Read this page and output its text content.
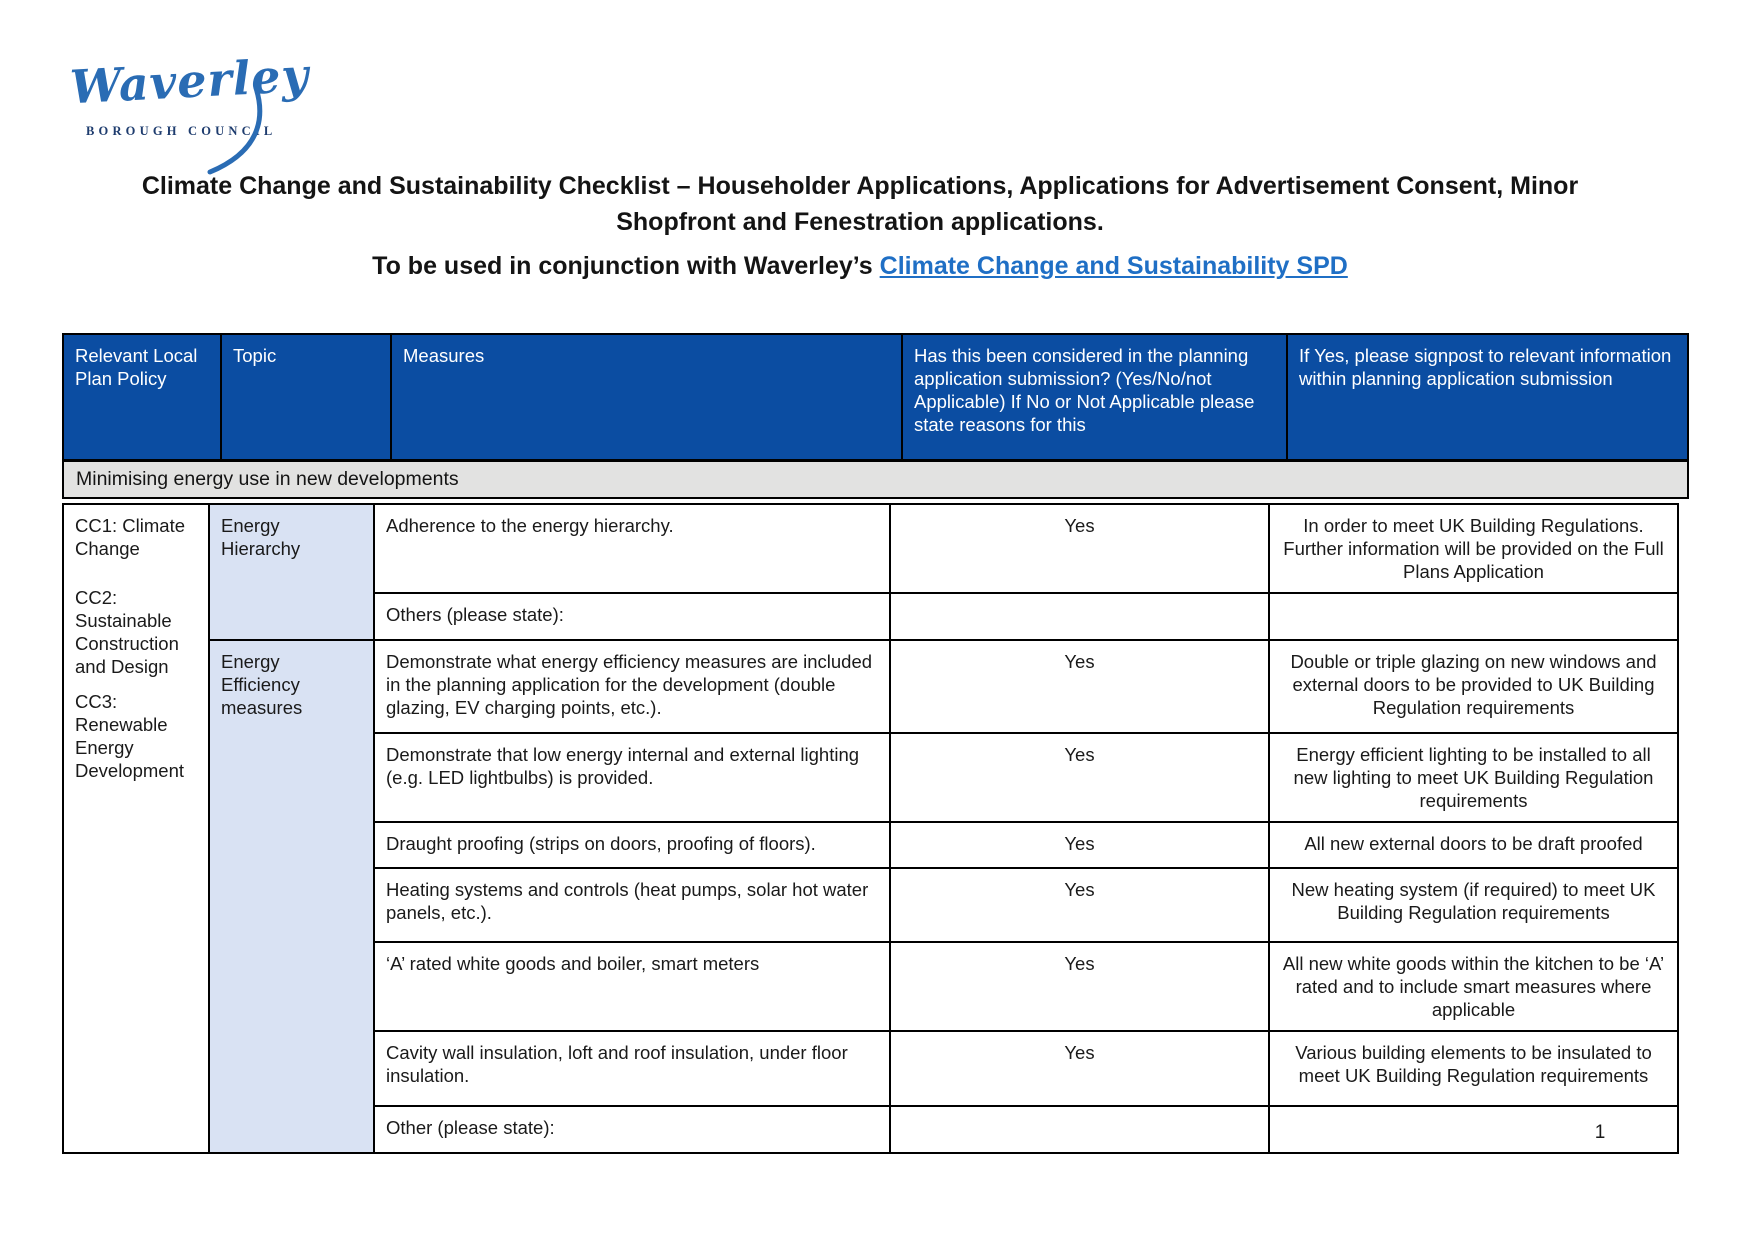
Waverley
BOROUGH COUNCIL
Climate Change and Sustainability Checklist – Householder Applications, Applications for Advertisement Consent, Minor
Shopfront and Fenestration applications.
To be used in conjunction with Waverley’s Climate Change and Sustainability SPD
Relevant Local Plan Policy	Topic	Measures	Has this been considered in the planning application submission? (Yes/No/not Applicable) If No or Not Applicable please state reasons for this	If Yes, please signpost to relevant information within planning application submission
Minimising energy use in new developments

CC1: Climate Change

CC2: Sustainable Construction and Design

CC3: Renewable Energy Development	Energy Hierarchy	Adherence to the energy hierarchy.	Yes	In order to meet UK Building Regulations. Further information will be provided on the Full Plans Application
		Others (please state):		
	Energy Efficiency measures	Demonstrate what energy efficiency measures are included in the planning application for the development (double glazing, EV charging points, etc.).	Yes	Double or triple glazing on new windows and external doors to be provided to UK Building Regulation requirements
		Demonstrate that low energy internal and external lighting (e.g. LED lightbulbs) is provided.	Yes	Energy efficient lighting to be installed to all new lighting to meet UK Building Regulation requirements
		Draught proofing (strips on doors, proofing of floors).	Yes	All new external doors to be draft proofed
		Heating systems and controls (heat pumps, solar hot water panels, etc.).	Yes	New heating system (if required) to meet UK Building Regulation requirements
		‘A’ rated white goods and boiler, smart meters	Yes	All new white goods within the kitchen to be ‘A’ rated and to include smart measures where applicable
		Cavity wall insulation, loft and roof insulation, under floor insulation.	Yes	Various building elements to be insulated to meet UK Building Regulation requirements
		Other (please state):			1
